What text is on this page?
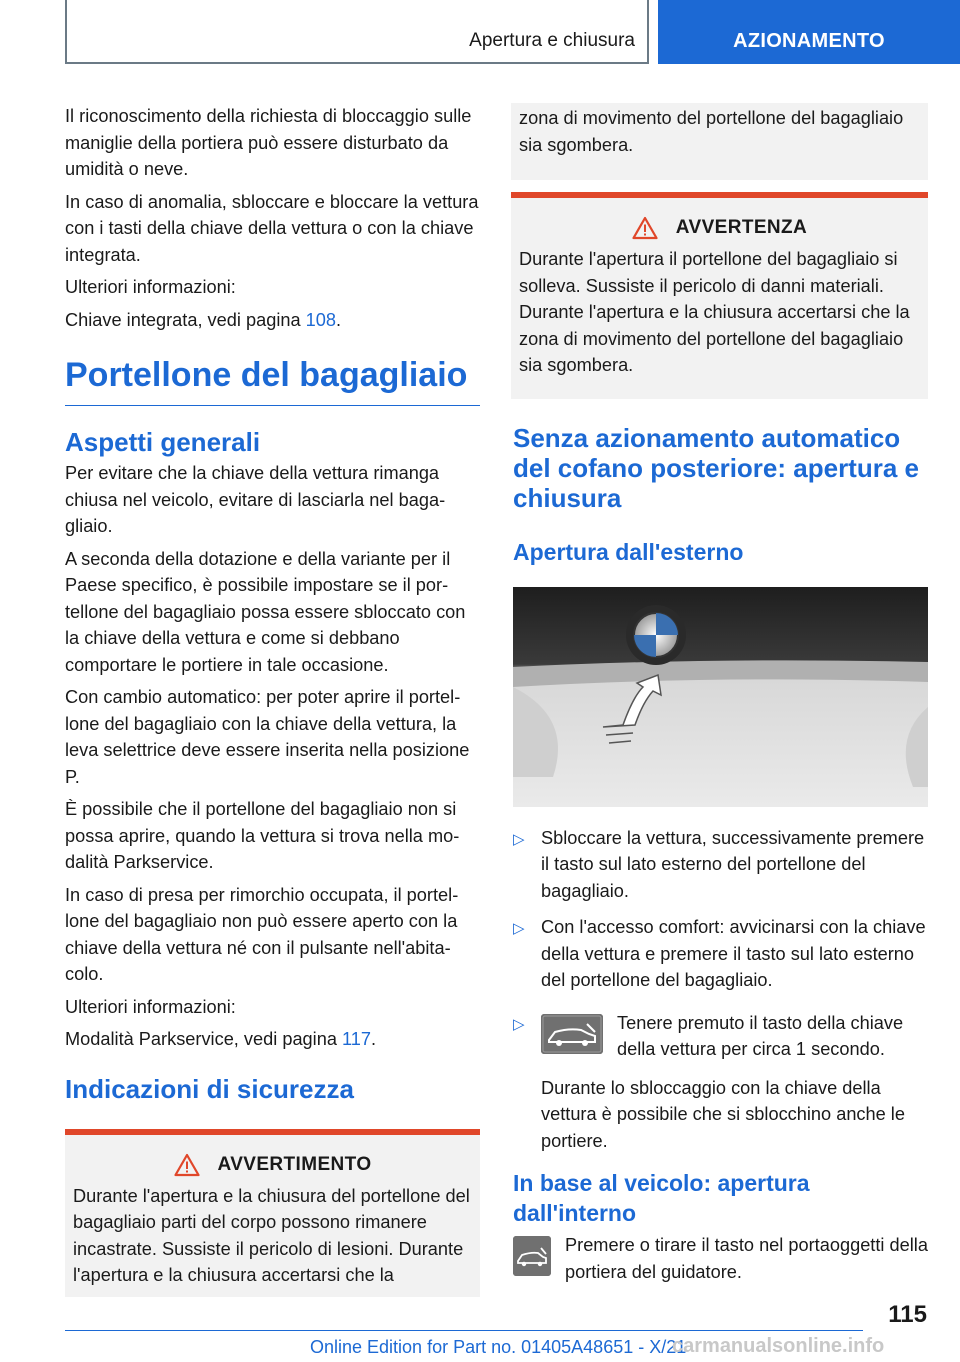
Apertura e chiusura	AZIONAMENTO

Il riconoscimento della richiesta di bloccaggio sulle maniglie della portiera può essere disturbato da umidità o neve.

In caso di anomalia, sbloccare e bloccare la vettura con i tasti della chiave della vettura o con la chiave integrata.

Ulteriori informazioni:

Chiave integrata, vedi pagina 108.

Portellone del bagagliaio
Aspetti generali

Per evitare che la chiave della vettura rimanga chiusa nel veicolo, evitare di lasciarla nel bagagliaio.

A seconda della dotazione e della variante per il Paese specifico, è possibile impostare se il portellone del bagagliaio possa essere sbloccato con la chiave della vettura e come si debbano comportare le portiere in tale occasione.

Con cambio automatico: per poter aprire il portellone del bagagliaio con la chiave della vettura, la leva selettrice deve essere inserita nella posizione P.

È possibile che il portellone del bagagliaio non si possa aprire, quando la vettura si trova nella modalità Parkservice.

In caso di presa per rimorchio occupata, il portellone del bagagliaio non può essere aperto con la chiave della vettura né con il pulsante nell'abitacolo.

Ulteriori informazioni:

Modalità Parkservice, vedi pagina 117.

Indicazioni di sicurezza
AVVERTIMENTO
Durante l'apertura e la chiusura del portellone del bagagliaio parti del corpo possono rimanere incastrate. Sussiste il pericolo di lesioni. Durante l'apertura e la chiusura accertarsi che la
zona di movimento del portellone del bagagliaio sia sgombera.
AVVERTENZA
Durante l'apertura il portellone del bagagliaio si solleva. Sussiste il pericolo di danni materiali. Durante l'apertura e la chiusura accertarsi che la zona di movimento del portellone del bagagliaio sia sgombera.
Senza azionamento automatico del cofano posteriore: apertura e chiusura
Apertura dall'esterno
▷ Sbloccare la vettura, successivamente premere il tasto sul lato esterno del portellone del bagagliaio.
▷ Con l'accesso comfort: avvicinarsi con la chiave della vettura e premere il tasto sul lato esterno del portellone del bagagliaio.
▷	Tenere premuto il tasto della chiave della vettura per circa 1 secondo.
Durante lo sbloccaggio con la chiave della vettura è possibile che si sblocchino anche le portiere.
In base al veicolo: apertura dall'interno
Premere o tirare il tasto nel portaoggetti della portiera del guidatore.
115
Online Edition for Part no. 01405A48651 - X/21
carmanualsonline.info
